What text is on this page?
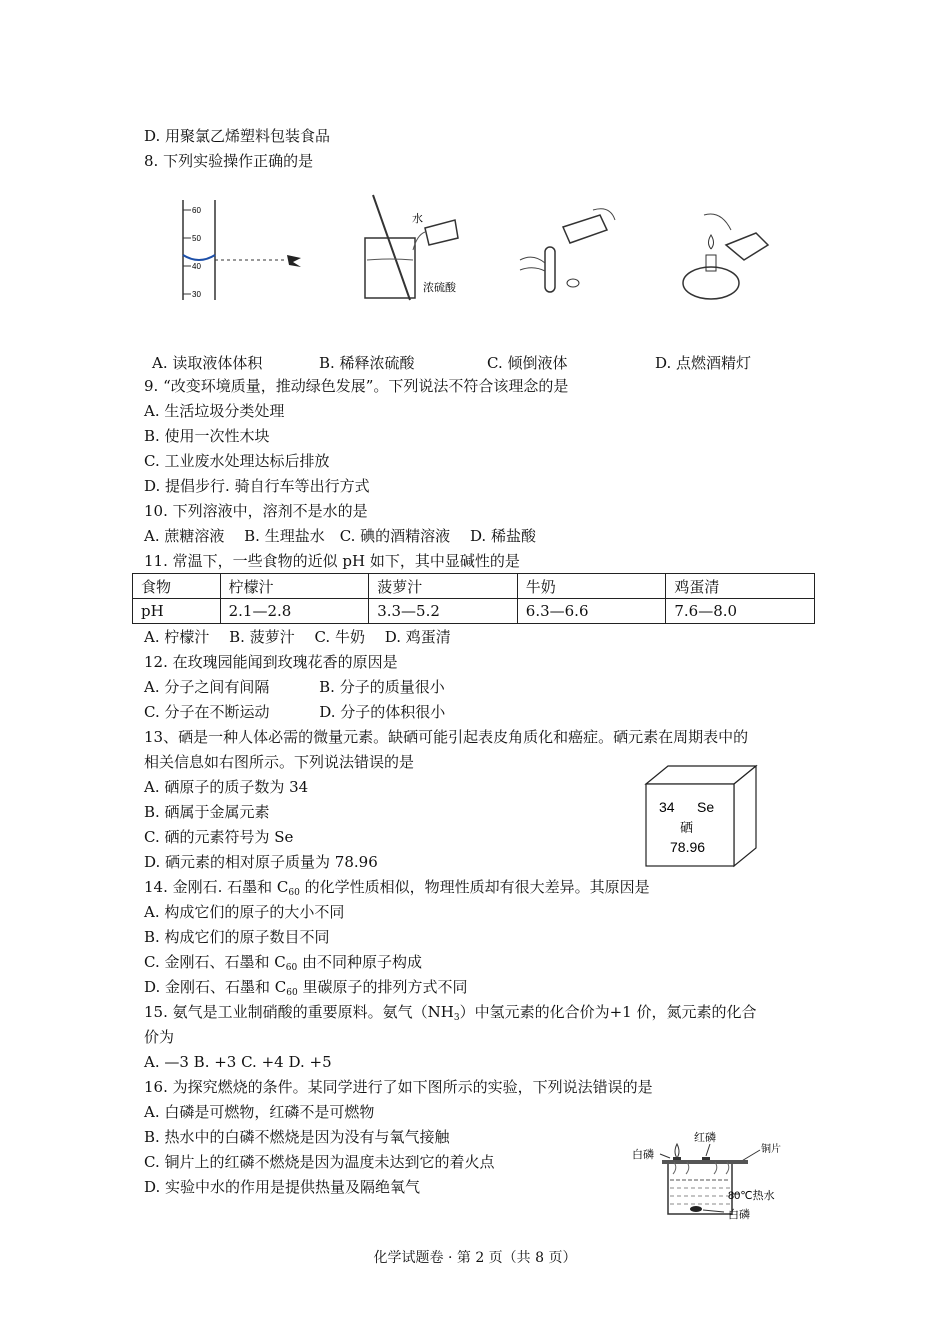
D. 用聚氯乙烯塑料包装食品
8. 下列实验操作正确的是
60
50
40
30
水
浓硫酸
A. 读取液体体积	B. 稀释浓硫酸	C. 倾倒液体	D. 点燃酒精灯
9. “改变环境质量，推动绿色发展”。下列说法不符合该理念的是
A. 生活垃圾分类处理
B. 使用一次性木块
C. 工业废水处理达标后排放
D. 提倡步行. 骑自行车等出行方式
10. 下列溶液中，溶剂不是水的是
A. 蔗糖溶液　 B. 生理盐水　C. 碘的酒精溶液　 D. 稀盐酸
11. 常温下，一些食物的近似 pH 如下，其中显碱性的是
食物	柠檬汁	菠萝汁	牛奶	鸡蛋清
pH	2.1—2.8	3.3—5.2	6.3—6.6	7.6—8.0
A. 柠檬汁　 B. 菠萝汁　 C. 牛奶　 D. 鸡蛋清
12. 在玫瑰园能闻到玫瑰花香的原因是
A. 分子之间有间隔　　　 B. 分子的质量很小
C. 分子在不断运动　　　 D. 分子的体积很小
13、硒是一种人体必需的微量元素。缺硒可能引起表皮角质化和癌症。硒元素在周期表中的
相关信息如右图所示。下列说法错误的是
A. 硒原子的质子数为 34
B. 硒属于金属元素
C. 硒的元素符号为 Se
D. 硒元素的相对原子质量为 78.96
34 Se
硒
78.96
14. 金刚石. 石墨和 $C_{60}$ 的化学性质相似，物理性质却有很大差异。其原因是
A. 构成它们的原子的大小不同
B. 构成它们的原子数目不同
C. 金刚石、石墨和 $C_{60}$ 由不同种原子构成
D. 金刚石、石墨和 $C_{60}$ 里碳原子的排列方式不同
15. 氨气是工业制硝酸的重要原料。氨气$(NH_3)$中氢元素的化合价为+1 价，氮元素的化合
价为
A. —3 B. +3 C. +4 D. +5
16. 为探究燃烧的条件。某同学进行了如下图所示的实验，下列说法错误的是
A. 白磷是可燃物，红磷不是可燃物
B. 热水中的白磷不燃烧是因为没有与氧气接触
C. 铜片上的红磷不燃烧是因为温度未达到它的着火点
D. 实验中水的作用是提供热量及隔绝氧气
白磷
红磷
铜片
80℃热水
白磷
化学试题卷 · 第 2 页（共 8 页）
